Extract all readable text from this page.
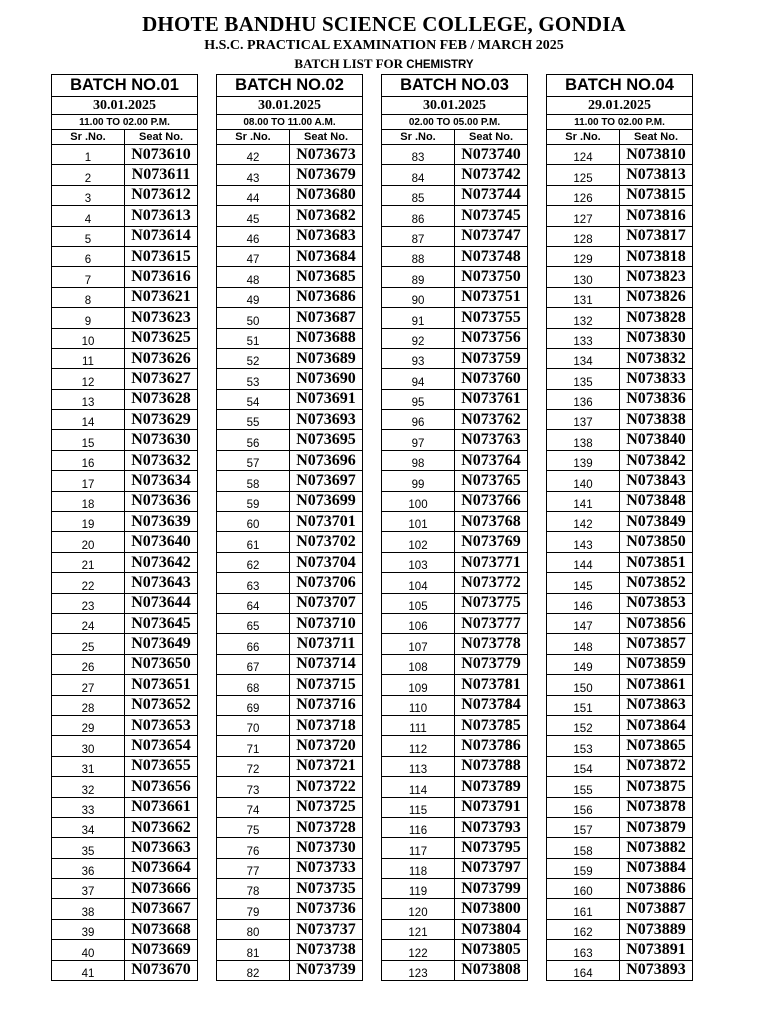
DHOTE BANDHU SCIENCE COLLEGE, GONDIA
H.S.C. PRACTICAL EXAMINATION FEB / MARCH 2025
BATCH LIST FOR CHEMISTRY
BATCH NO.01	
30.01.2025	
11.00 TO 02.00 P.M.	
Sr .No.	Seat No.
1	N073610
2	N073611
3	N073612
4	N073613
5	N073614
6	N073615
7	N073616
8	N073621
9	N073623
10	N073625
11	N073626
12	N073627
13	N073628
14	N073629
15	N073630
16	N073632
17	N073634
18	N073636
19	N073639
20	N073640
21	N073642
22	N073643
23	N073644
24	N073645
25	N073649
26	N073650
27	N073651
28	N073652
29	N073653
30	N073654
31	N073655
32	N073656
33	N073661
34	N073662
35	N073663
36	N073664
37	N073666
38	N073667
39	N073668
40	N073669
41	N073670
BATCH NO.02	
30.01.2025	
08.00 TO 11.00 A.M.	
Sr .No.	Seat No.
42	N073673
43	N073679
44	N073680
45	N073682
46	N073683
47	N073684
48	N073685
49	N073686
50	N073687
51	N073688
52	N073689
53	N073690
54	N073691
55	N073693
56	N073695
57	N073696
58	N073697
59	N073699
60	N073701
61	N073702
62	N073704
63	N073706
64	N073707
65	N073710
66	N073711
67	N073714
68	N073715
69	N073716
70	N073718
71	N073720
72	N073721
73	N073722
74	N073725
75	N073728
76	N073730
77	N073733
78	N073735
79	N073736
80	N073737
81	N073738
82	N073739
BATCH NO.03	
30.01.2025	
02.00 TO 05.00 P.M.	
Sr .No.	Seat No.
83	N073740
84	N073742
85	N073744
86	N073745
87	N073747
88	N073748
89	N073750
90	N073751
91	N073755
92	N073756
93	N073759
94	N073760
95	N073761
96	N073762
97	N073763
98	N073764
99	N073765
100	N073766
101	N073768
102	N073769
103	N073771
104	N073772
105	N073775
106	N073777
107	N073778
108	N073779
109	N073781
110	N073784
111	N073785
112	N073786
113	N073788
114	N073789
115	N073791
116	N073793
117	N073795
118	N073797
119	N073799
120	N073800
121	N073804
122	N073805
123	N073808
BATCH NO.04	
29.01.2025	
11.00 TO 02.00 P.M.	
Sr .No.	Seat No.
124	N073810
125	N073813
126	N073815
127	N073816
128	N073817
129	N073818
130	N073823
131	N073826
132	N073828
133	N073830
134	N073832
135	N073833
136	N073836
137	N073838
138	N073840
139	N073842
140	N073843
141	N073848
142	N073849
143	N073850
144	N073851
145	N073852
146	N073853
147	N073856
148	N073857
149	N073859
150	N073861
151	N073863
152	N073864
153	N073865
154	N073872
155	N073875
156	N073878
157	N073879
158	N073882
159	N073884
160	N073886
161	N073887
162	N073889
163	N073891
164	N073893
